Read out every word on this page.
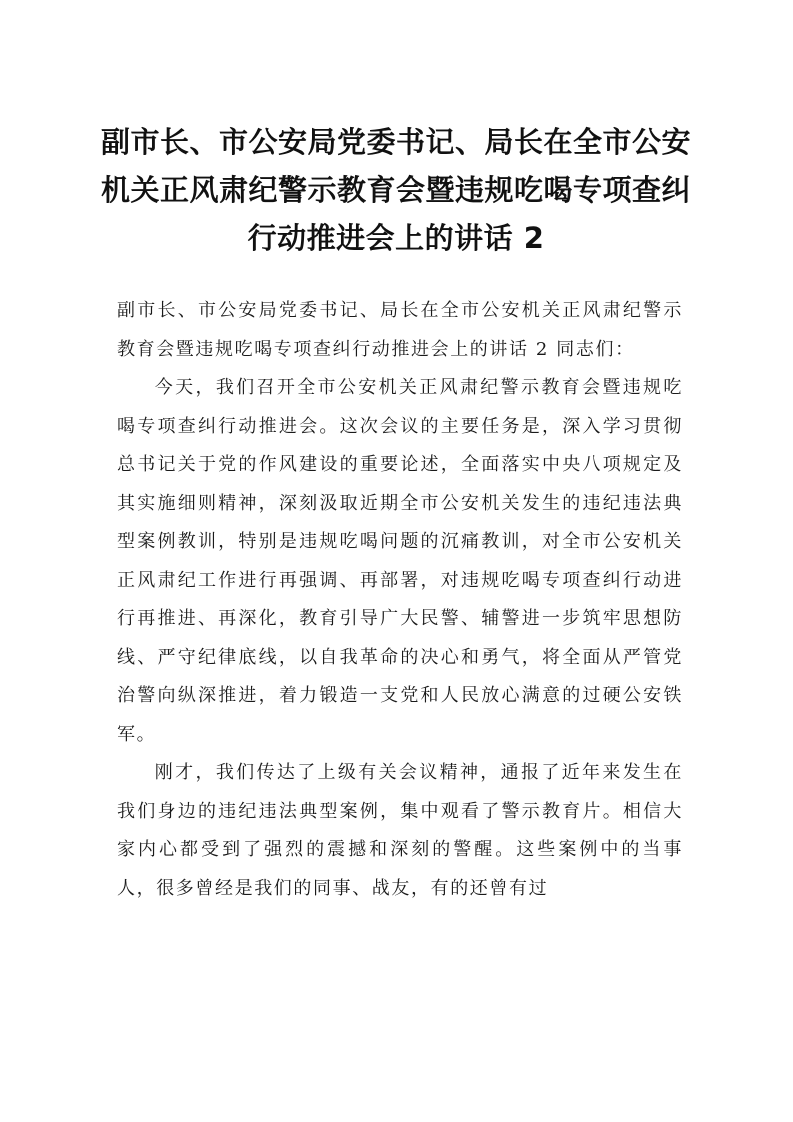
副市长、市公安局党委书记、局长在全市公安机关正风肃纪警示教育会暨违规吃喝专项查纠行动推进会上的讲话 2

副市长、市公安局党委书记、局长在全市公安机关正风肃纪警示教育会暨违规吃喝专项查纠行动推进会上的讲话 2 同志们：

今天，我们召开全市公安机关正风肃纪警示教育会暨违规吃喝专项查纠行动推进会。这次会议的主要任务是，深入学习贯彻总书记关于党的作风建设的重要论述，全面落实中央八项规定及其实施细则精神，深刻汲取近期全市公安机关发生的违纪违法典型案例教训，特别是违规吃喝问题的沉痛教训，对全市公安机关正风肃纪工作进行再强调、再部署，对违规吃喝专项查纠行动进行再推进、再深化，教育引导广大民警、辅警进一步筑牢思想防线、严守纪律底线，以自我革命的决心和勇气，将全面从严管党治警向纵深推进，着力锻造一支党和人民放心满意的过硬公安铁军。

刚才，我们传达了上级有关会议精神，通报了近年来发生在我们身边的违纪违法典型案例，集中观看了警示教育片。相信大家内心都受到了强烈的震撼和深刻的警醒。这些案例中的当事人，很多曾经是我们的同事、战友，有的还曾有过
